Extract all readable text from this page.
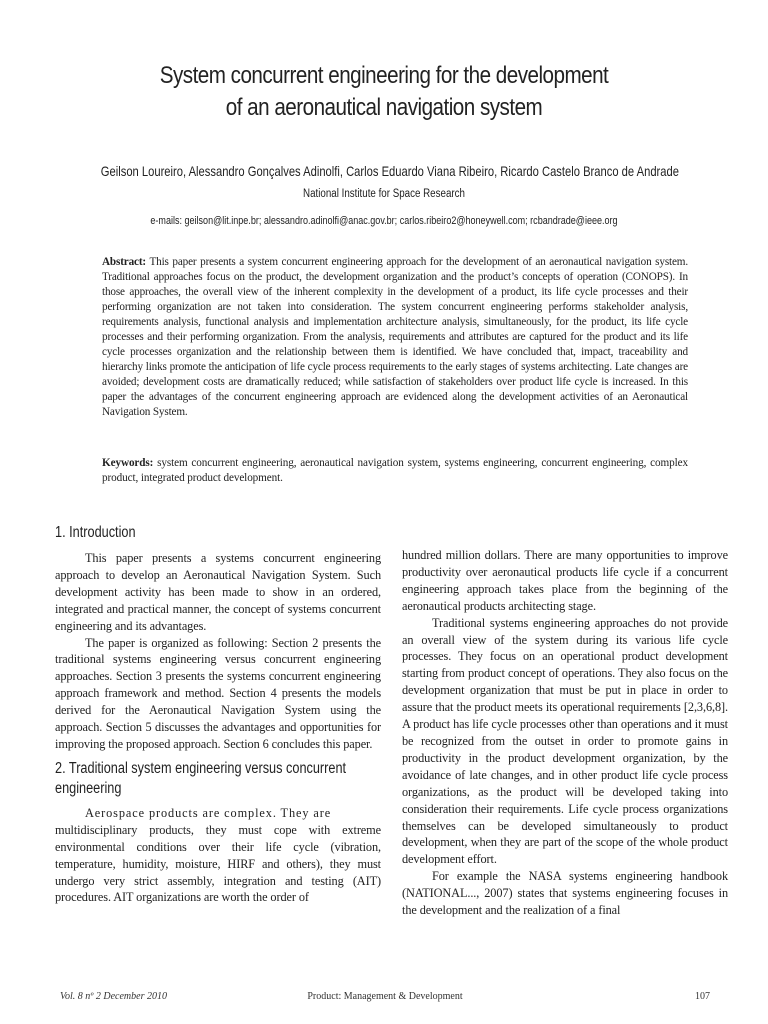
System concurrent engineering for the development
of an aeronautical navigation system
Geilson Loureiro, Alessandro Gonçalves Adinolfi, Carlos Eduardo Viana Ribeiro, Ricardo Castelo Branco de Andrade
National Institute for Space Research
e-mails: geilson@lit.inpe.br; alessandro.adinolfi@anac.gov.br; carlos.ribeiro2@honeywell.com; rcbandrade@ieee.org
Abstract: This paper presents a system concurrent engineering approach for the development of an aeronautical navigation system. Traditional approaches focus on the product, the development organization and the product’s concepts of operation (CONOPS). In those approaches, the overall view of the inherent complexity in the development of a product, its life cycle processes and their performing organization are not taken into consideration. The system concurrent engineering performs stakeholder analysis, requirements analysis, functional analysis and implementation architecture analysis, simultaneously, for the product, its life cycle processes and their performing organization. From the analysis, requirements and attributes are captured for the product and its life cycle processes organization and the relationship between them is identified. We have concluded that, impact, traceability and hierarchy links promote the anticipation of life cycle process requirements to the early stages of systems architecting. Late changes are avoided; development costs are dramatically reduced; while satisfaction of stakeholders over product life cycle is increased. In this paper the advantages of the concurrent engineering approach are evidenced along the development activities of an Aeronautical Navigation System.
Keywords: system concurrent engineering, aeronautical navigation system, systems engineering, concurrent engineering, complex product, integrated product development.
1. Introduction

This paper presents a systems concurrent engineering approach to develop an Aeronautical Navigation System. Such development activity has been made to show in an ordered, integrated and practical manner, the concept of systems concurrent engineering and its advantages.

The paper is organized as following: Section 2 presents the traditional systems engineering versus concurrent engineering approaches. Section 3 presents the systems concurrent engineering approach framework and method. Section 4 presents the models derived for the Aeronautical Navigation System using the approach. Section 5 discusses the advantages and opportunities for improving the proposed approach. Section 6 concludes this paper.

2. Traditional system engineering versus concurrent
engineering

Aerospace products are complex. They are

multidisciplinary products, they must cope with extreme environmental conditions over their life cycle (vibration, temperature, humidity, moisture, HIRF and others), they must undergo very strict assembly, integration and testing (AIT) procedures. AIT organizations are worth the order of

hundred million dollars. There are many opportunities to improve productivity over aeronautical products life cycle if a concurrent engineering approach takes place from the beginning of the aeronautical products architecting stage.

Traditional systems engineering approaches do not provide an overall view of the system during its various life cycle processes. They focus on an operational product development starting from product concept of operations. They also focus on the development organization that must be put in place in order to assure that the product meets its operational requirements [2,3,6,8]. A product has life cycle processes other than operations and it must be recognized from the outset in order to promote gains in productivity in the product development organization, by the avoidance of late changes, and in other product life cycle process organizations, as the product will be developed taking into consideration their requirements. Life cycle process organizations themselves can be developed simultaneously to product development, when they are part of the scope of the whole product development effort.

For example the NASA systems engineering handbook (NATIONAL..., 2007) states that systems engineering focuses in the development and the realization of a final

Vol. 8 nº 2 December 2010	Product: Management & Development	107
